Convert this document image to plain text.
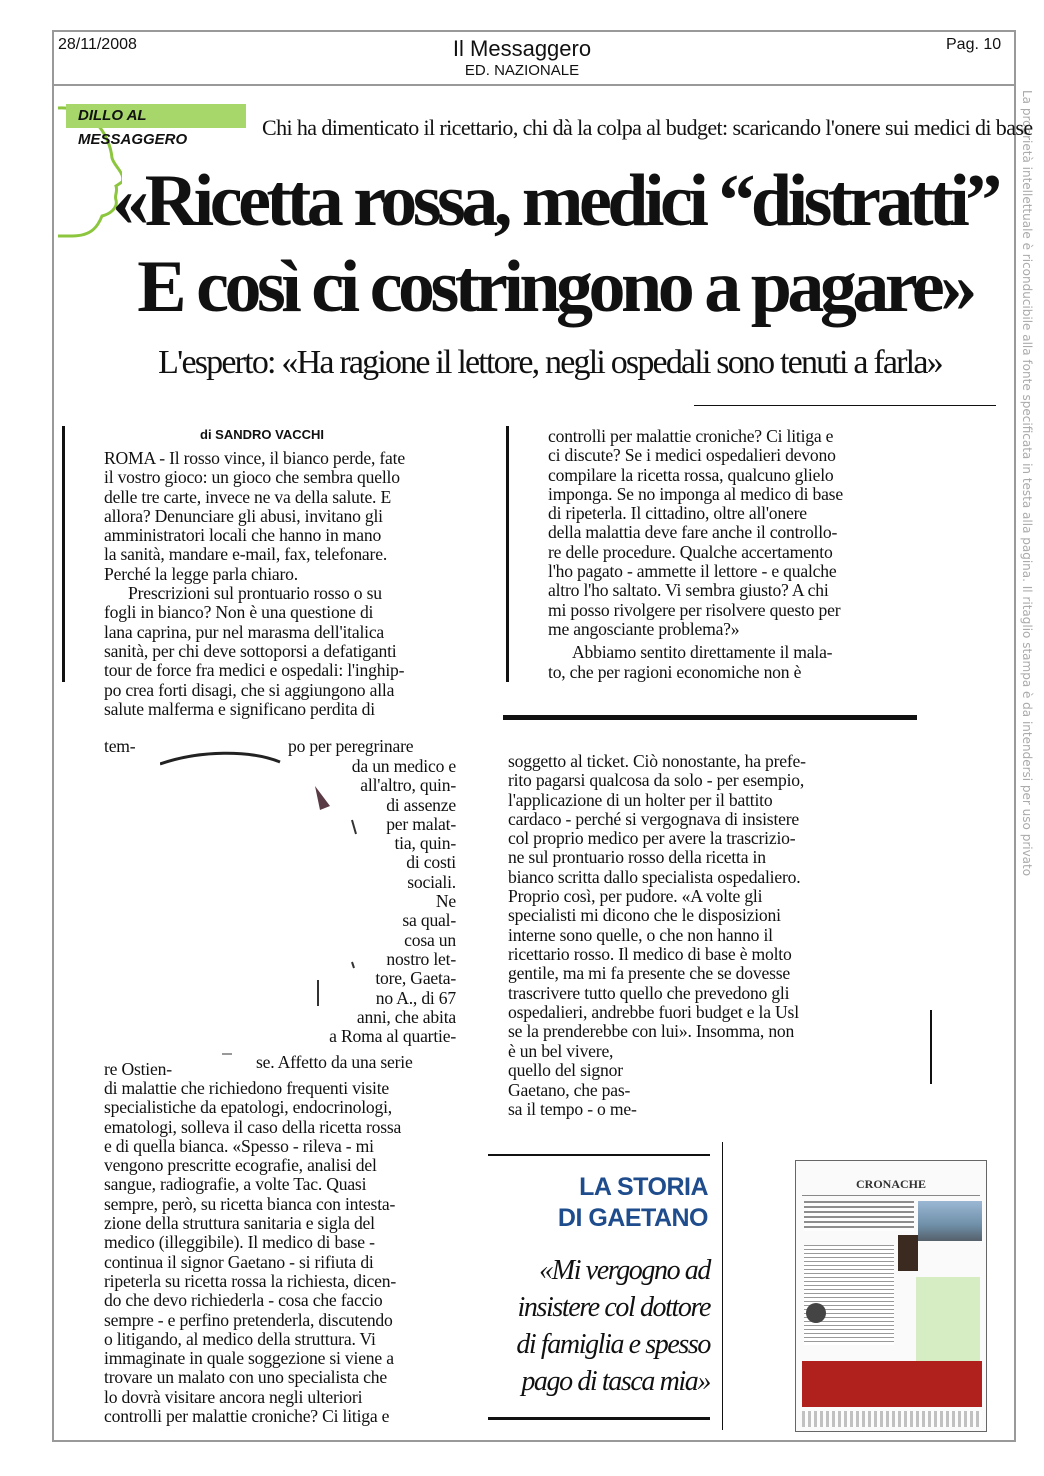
28/11/2008	Il Messaggero
ED. NAZIONALE
Pag. 10
La proprietà intellettuale è riconducibile alla fonte specificata in testa alla pagina. Il ritaglio stampa è da intendersi per uso privato
DILLO AL MESSAGGERO	Chi ha dimenticato il ricettario, chi dà la colpa al budget: scaricando l'onere sui medici di base
«Ricetta rossa, medici “distratti”
E così ci costringono a pagare»
L'esperto: «Ha ragione il lettore, negli ospedali sono tenuti a farla»
di SANDRO VACCHI

ROMA - Il rosso vince, il bianco perde, fate
il vostro gioco: un gioco che sembra quello
delle tre carte, invece ne va della salute. E
allora? Denunciare gli abusi, invitano gli
amministratori locali che hanno in mano
la sanità, mandare e-mail, fax, telefonare.
Perché la legge parla chiaro.

Prescrizioni sul prontuario rosso o su
fogli in bianco? Non è una questione di
lana caprina, pur nel marasma dell'italica
sanità, per chi deve sottoporsi a defatiganti
tour de force fra medici e ospedali: l'inghip-
po crea forti disagi, che si aggiungono alla
salute malferma e significano perdita di

tem-	po per peregrinare
da un medico e
all'altro, quin-
di assenze
per malat-
tia, quin-
di costi
sociali.
Ne
sa qual-
cosa un
nostro let-
tore, Gaeta-
no A., di 67
anni, che abita
a Roma al quartie-
re Ostien-	se. Affetto da una serie
di malattie che richiedono frequenti visite
specialistiche da epatologi, endocrinologi,
ematologi, solleva il caso della ricetta rossa
e di quella bianca. «Spesso - rileva - mi
vengono prescritte ecografie, analisi del
sangue, radiografie, a volte Tac. Quasi
sempre, però, su ricetta bianca con intesta-
zione della struttura sanitaria e sigla del
medico (illeggibile). Il medico di base -
continua il signor Gaetano - si rifiuta di
ripeterla su ricetta rossa la richiesta, dicen-
do che devo richiederla - cosa che faccio
sempre - e perfino pretenderla, discutendo
o litigando, al medico della struttura. Vi
immaginate in quale soggezione si viene a
trovare un malato con uno specialista che
lo dovrà visitare ancora negli ulteriori
controlli per malattie croniche? Ci litiga e

controlli per malattie croniche? Ci litiga e
ci discute? Se i medici ospedalieri devono
compilare la ricetta rossa, qualcuno glielo
imponga. Se no imponga al medico di base
di ripeterla. Il cittadino, oltre all'onere
della malattia deve fare anche il controllo-
re delle procedure. Qualche accertamento
l'ho pagato - ammette il lettore - e qualche
altro l'ho saltato. Vi sembra giusto? A chi
mi posso rivolgere per risolvere questo per
me angosciante problema?»

Abbiamo sentito direttamente il mala-
to, che per ragioni economiche non è

soggetto al ticket. Ciò nonostante, ha prefe-
rito pagarsi qualcosa da solo - per esempio,
l'applicazione di un holter per il battito
cardaco - perché si vergognava di insistere
col proprio medico per avere la trascrizio-
ne sul prontuario rosso della ricetta in
bianco scritta dallo specialista ospedaliero.
Proprio così, per pudore. «A volte gli
specialisti mi dicono che le disposizioni
interne sono quelle, o che non hanno il
ricettario rosso. Il medico di base è molto
gentile, ma mi fa presente che se dovesse
trascrivere tutto quello che prevedono gli
ospedalieri, andrebbe fuori budget e la Usl
se la prenderebbe con lui». Insomma, non
è un bel vivere,
quello del signor
Gaetano, che pas-
sa il tempo - o me-
LA STORIA
DI GAETANO
«Mi vergogno ad
insistere col dottore
di famiglia e spesso
pago di tasca mia»
CRONACHE
